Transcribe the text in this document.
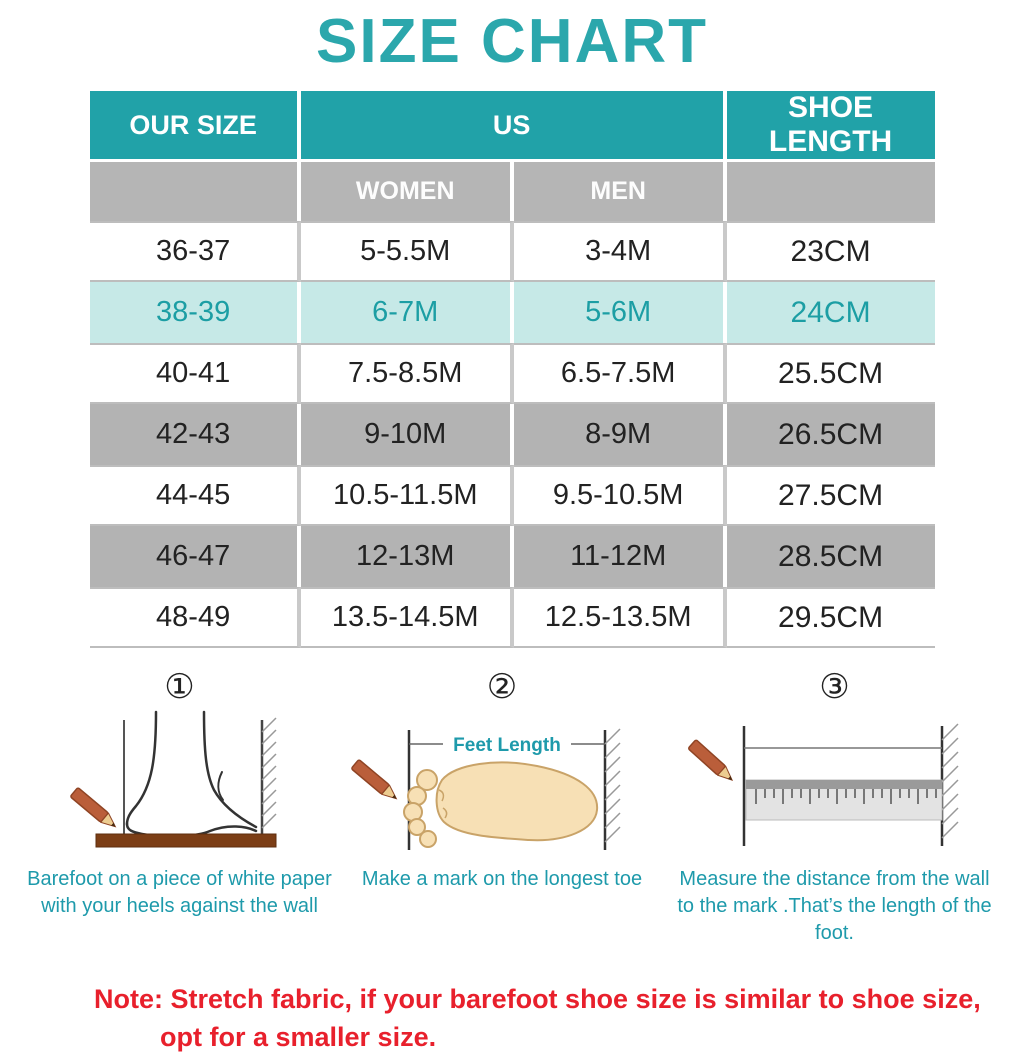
SIZE CHART
OUR SIZE	US		SHOE LENGTH
	WOMEN	MEN	
36-37	5-5.5M	3-4M	23CM
38-39	6-7M	5-6M	24CM
40-41	7.5-8.5M	6.5-7.5M	25.5CM
42-43	9-10M	8-9M	26.5CM
44-45	10.5-11.5M	9.5-10.5M	27.5CM
46-47	12-13M	11-12M	28.5CM
48-49	13.5-14.5M	12.5-13.5M	29.5CM
①

Barefoot on a piece of white paper with your heels against the wall

②
Feet Length

Make a mark on the longest toe

③

Measure the distance from the wall to the mark .That’s the length of the foot.

Note: Stretch fabric, if your barefoot shoe size is similar to shoe size,
opt for a smaller size.
